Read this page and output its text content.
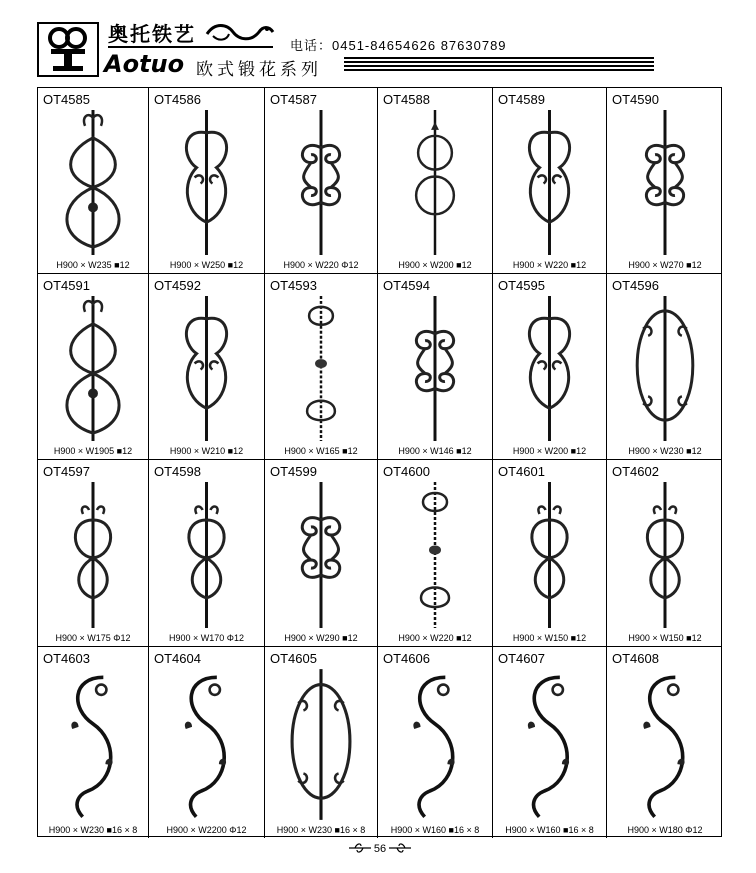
奥托铁艺	电话：0451-84654626 87630789
Aotuo 欧式锻花系列
OT4585
H900 × W235 ■12
OT4586
H900 × W250 ■12
OT4587
H900 × W220 Φ12
OT4588
H900 × W200 ■12
OT4589
H900 × W220 ■12
OT4590
H900 × W270 ■12
OT4591
H900 × W1905 ■12
OT4592
H900 × W210 ■12
OT4593
H900 × W165 ■12
OT4594
H900 × W146 ■12
OT4595
H900 × W200 ■12
OT4596
H900 × W230 ■12
OT4597
H900 × W175 Φ12
OT4598
H900 × W170 Φ12
OT4599
H900 × W290 ■12
OT4600
H900 × W220 ■12
OT4601
H900 × W150 ■12
OT4602
H900 × W150 ■12
OT4603
H900 × W230 ■16 × 8
OT4604
H900 × W2200 Φ12
OT4605
H900 × W230 ■16 × 8
OT4606
H900 × W160 ■16 × 8
OT4607
H900 × W160 ■16 × 8
OT4608
H900 × W180 Φ12
56
